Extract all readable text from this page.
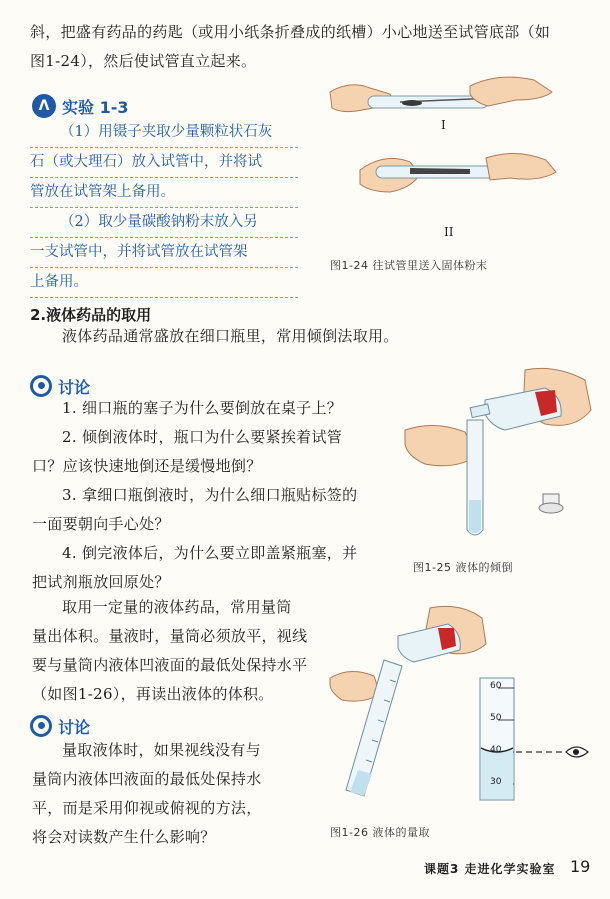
斜，把盛有药品的药匙（或用小纸条折叠成的纸槽）小心地送至试管底部（如
图1-24），然后使试管直立起来。
Λ 实验 1-3

（1）用镊子夹取少量颗粒状石灰

石（或大理石）放入试管中，并将试

管放在试管架上备用。

（2）取少量碳酸钠粉末放入另

一支试管中，并将试管放在试管架

上备用。

I
II
图1-24 往试管里送入固体粉末
2.液体药品的取用
液体药品通常盛放在细口瓶里，常用倾倒法取用。
讨论
1. 细口瓶的塞子为什么要倒放在桌子上？
2. 倾倒液体时，瓶口为什么要紧挨着试管
口？应该快速地倒还是缓慢地倒？
3. 拿细口瓶倒液时，为什么细口瓶贴标签的
一面要朝向手心处？
4. 倒完液体后，为什么要立即盖紧瓶塞，并
把试剂瓶放回原处？
图1-25 液体的倾倒
取用一定量的液体药品，常用量筒
量出体积。量液时，量筒必须放平，视线
要与量筒内液体凹液面的最低处保持水平
（如图1-26），再读出液体的体积。
讨论
量取液体时，如果视线没有与
量筒内液体凹液面的最低处保持水
平，而是采用仰视或俯视的方法，
将会对读数产生什么影响？
60
50
40
30
图1-26 液体的量取
课题3 走进化学实验室 19
